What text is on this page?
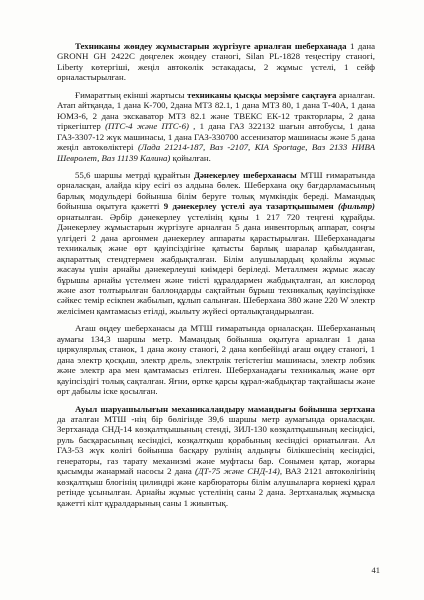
Техниканы жөндеу жұмыстарын жүргізуге арналған шеберханада 1 дана GRONH GH 2422С дөңгелек жөндеу станогі, Silan PL-1828 теңестіру станогі, Liberty көтергіші, жеңіл автокөлік эстакадасы, 2 жұмыс үстелі, 1 сейф орналастырылған.

Ғимараттың екінші жартысы техниканы қысқы мерзімге сақтауға арналған. Атап айтқанда, 1 дана К-700, 2дана МТЗ 82.1, 1 дана МТЗ 80, 1 дана Т-40А, 1 дана ЮМЗ-6, 2 дана экскаватор МТЗ 82.1 және ТВЕКС ЕК-12 тракторлары, 2 дана тіркегіштер (ПТС-4 және ПТС-6) , 1 дана ГАЗ 322132 шағын автобусы, 1 дана ГАЗ-3307-12 жүк машинасы, 1 дана ГАЗ-330700 ассенизатор машинасы және 5 дана жеңіл автокөліктері (Лада 21214-187, Ваз -2107, KIA Sportage, Ваз 2133 НИВА Шевролет, Ваз 11139 Калина) қойылған.

55,6 шаршы метрді құрайтын Дәнекерлеу шеберханасы МТШ ғимаратында орналасқан, алайда кіру есігі өз алдына бөлек. Шеберхана оқу бағдарламасының барлық модульдері бойынша білім беруге толық мүмкіндік береді. Мамандық бойынша оқытуға қажетті 9 дәнекерлеу үстелі ауа тазартқышымен (фильтр) орнатылған. Әрбір дәнекерлеу үстелінің құны 1 217 720 теңгені құрайды. Дәнекерлеу жұмыстарын жүргізуге арналған 5 дана инвенторлық аппарат, соңғы үлгідегі 2 дана аргонмен дәнекерлеу аппараты қарастырылған. Шеберханадағы техникалық және өрт қауіпсіздігіне қатысты барлық шаралар қабылданған, ақпараттық стендтермен жабдықталған. Білім алушылардың қолайлы жұмыс жасауы үшін арнайы дәнекерлеуші киімдері беріледі. Металлмен жұмыс жасау бұрышы арнайы үстелмен және тиісті құралдармен жабдықталған, ал кислород және азот толтырылған баллондарды сақтайтын бұрыш техникалық қауіпсіздікке сәйкес темір есікпен жабылып, құлып салынған. Шеберхана 380 және 220 W электр желісімен қамтамасыз етілді, жылыту жүйесі орталықтандырылған.

Ағаш өңдеу шеберханасы да МТШ ғимаратында орналасқан. Шеберхананың аумағы 134,3 шаршы метр. Мамандық бойынша оқытуға арналған 1 дана циркулярлық станок, 1 дана жону станогі, 2 дана көпбейінді ағаш өңдеу станогі, 1 дана электр қосқыш, электр дрель, электрлік тегістегіш машинасы, электр лобзик және электр ара мен қамтамасыз етілген. Шеберханадағы техникалық және өрт қауіпсіздігі толық сақталған. Яғни, өртке қарсы құрал-жабдықтар тақтайшасы және өрт дабылы іске қосылған.

Ауыл шаруашылығын механикаландыру мамандығы бойынша зертхана да аталған МТШ -нің бір бөлігінде 39,6 шаршы метр аумағында орналасқан. Зертханада СНД-14 көзқалтқышының стенді, ЗИЛ-130 көзқалтқышының кесіндісі, руль басқарасының кесіндісі, көзқалтқыш қорабының кесіндісі орнатылған. Ал ГАЗ-53 жүк көлігі бойынша басқару рулінің алдыңғы білікшесінің кесіндісі, генераторы, газ тарату механизмі және муфтасы бар. Сонымен қатар, жоғары қысымды жанармай насосы 2 дана (ДТ-75 және СНД-14), ВАЗ 2121 автокөлігінің көзқалтқыш блогінің цилиндрі және карбюраторы білім алушыларға көрнекі құрал ретінде ұсынылған. Арнайы жұмыс үстелінің саны 2 дана. Зертханалық жұмысқа қажетті кілт құралдарының саны 1 жиынтық.

41
